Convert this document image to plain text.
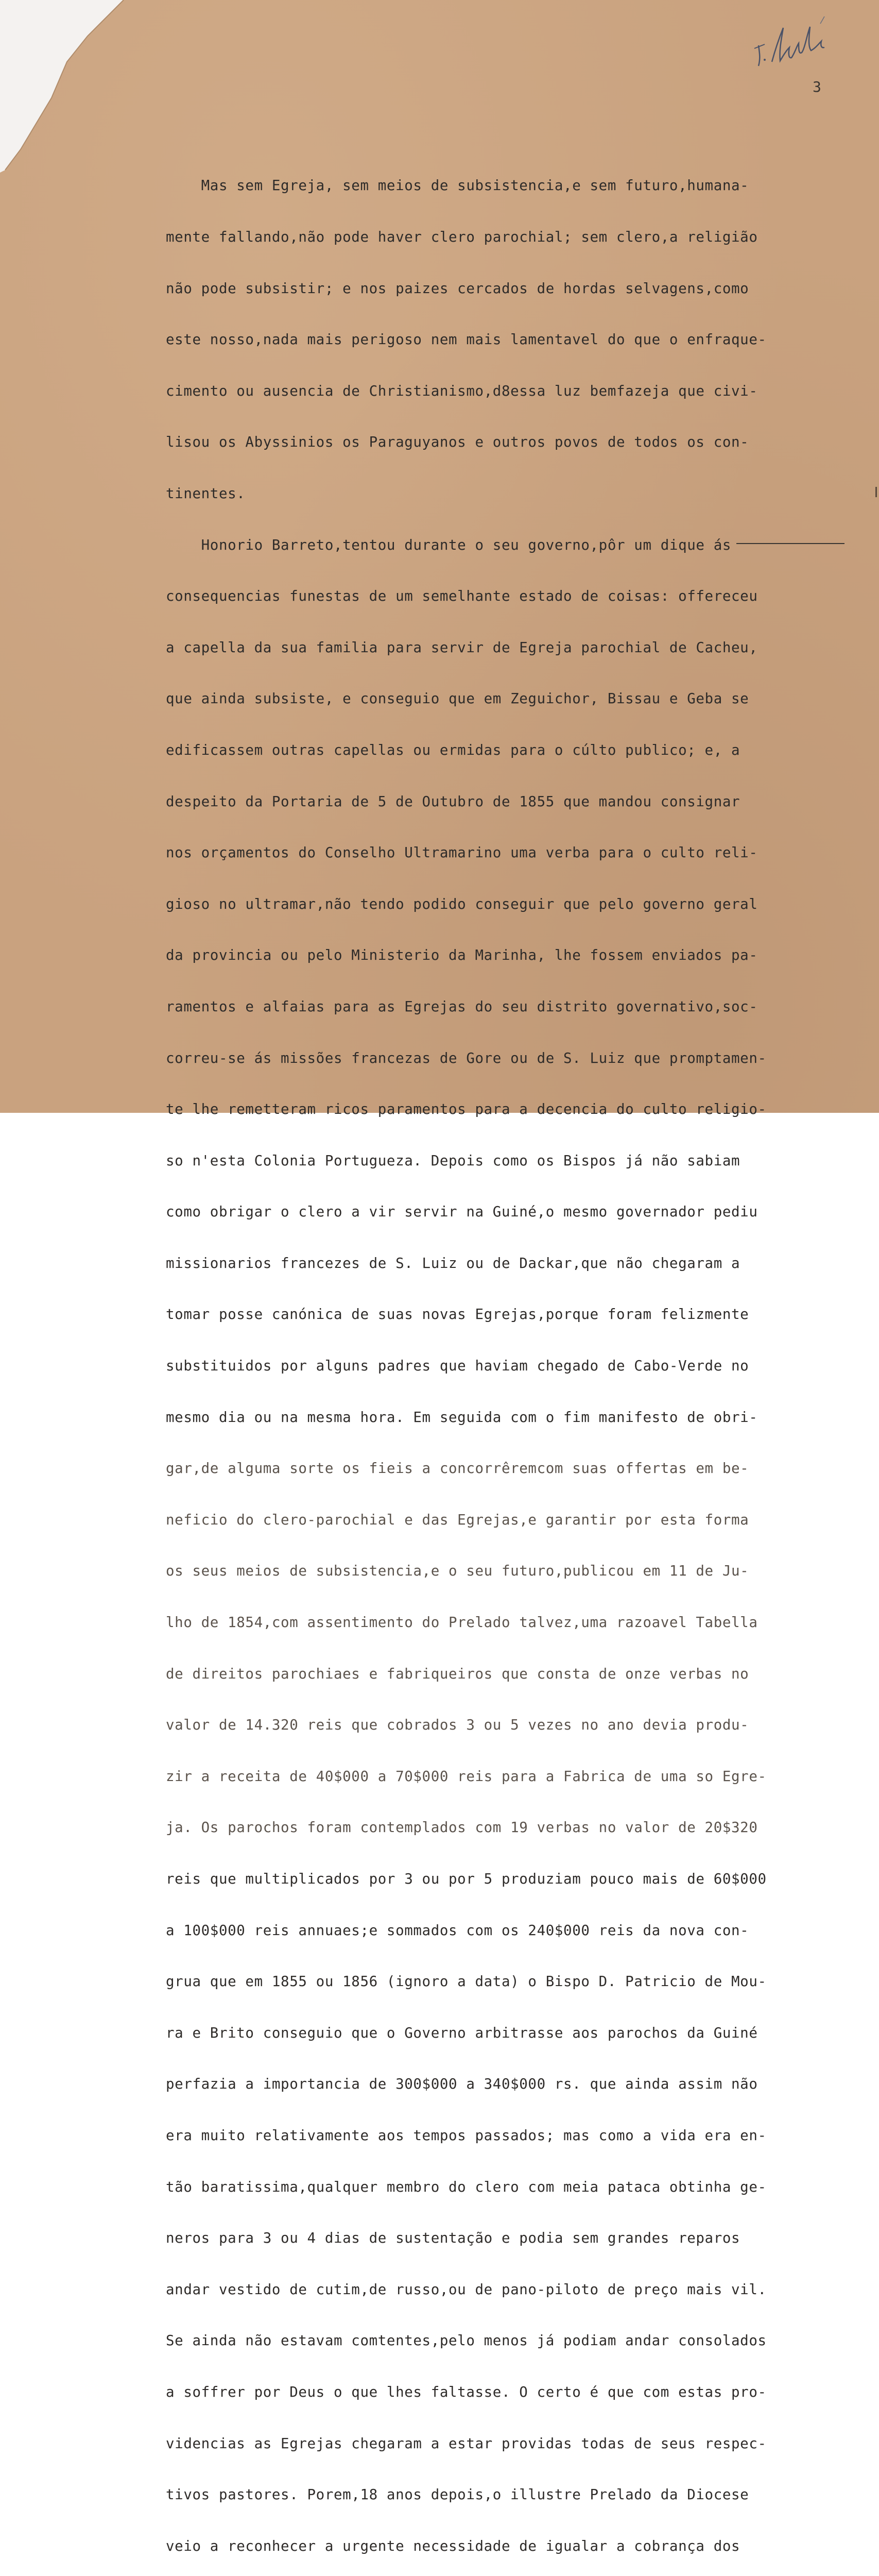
3

Mas sem Egreja, sem meios de subsistencia,e sem futuro,humana-

mente fallando,não pode haver clero parochial; sem clero,a religião

não pode subsistir; e nos paizes cercados de hordas selvagens,como

este nosso,nada mais perigoso nem mais lamentavel do que o enfraque-

cimento ou ausencia de Christianismo,d8essa luz bemfazeja que civi-

lisou os Abyssinios os Paraguyanos e outros povos de todos os con-

tinentes.

Honorio Barreto,tentou durante o seu governo,pôr um dique ás

consequencias funestas de um semelhante estado de coisas: offereceu

a capella da sua familia para servir de Egreja parochial de Cacheu,

que ainda subsiste, e conseguio que em Zeguichor, Bissau e Geba se

edificassem outras capellas ou ermidas para o cúlto publico; e, a

despeito da Portaria de 5 de Outubro de 1855 que mandou consignar

nos orçamentos do Conselho Ultramarino uma verba para o culto reli-

gioso no ultramar,não tendo podido conseguir que pelo governo geral

da provincia ou pelo Ministerio da Marinha, lhe fossem enviados pa-

ramentos e alfaias para as Egrejas do seu distrito governativo,soc-

correu-se ás missões francezas de Gore ou de S. Luiz que promptamen-

te lhe remetteram ricos paramentos para a decencia do culto religio-

so n'esta Colonia Portugueza. Depois como os Bispos já não sabiam

como obrigar o clero a vir servir na Guiné,o mesmo governador pediu

missionarios francezes de S. Luiz ou de Dackar,que não chegaram a

tomar posse canónica de suas novas Egrejas,porque foram felizmente

substituidos por alguns padres que haviam chegado de Cabo-Verde no

mesmo dia ou na mesma hora. Em seguida com o fim manifesto de obri-

gar,de alguma sorte os fieis a concorrêremcom suas offertas em be-

neficio do clero-parochial e das Egrejas,e garantir por esta forma

os seus meios de subsistencia,e o seu futuro,publicou em 11 de Ju-

lho de 1854,com assentimento do Prelado talvez,uma razoavel Tabella

de direitos parochiaes e fabriqueiros que consta de onze verbas no

valor de 14.320 reis que cobrados 3 ou 5 vezes no ano devia produ-

zir a receita de 40$000 a 70$000 reis para a Fabrica de uma so Egre-

ja. Os parochos foram contemplados com 19 verbas no valor de 20$320

reis que multiplicados por 3 ou por 5 produziam pouco mais de 60$000

a 100$000 reis annuaes;e sommados com os 240$000 reis da nova con-

grua que em 1855 ou 1856 (ignoro a data) o Bispo D. Patricio de Mou-

ra e Brito conseguio que o Governo arbitrasse aos parochos da Guiné

perfazia a importancia de 300$000 a 340$000 rs. que ainda assim não

era muito relativamente aos tempos passados; mas como a vida era en-

tão baratissima,qualquer membro do clero com meia pataca obtinha ge-

neros para 3 ou 4 dias de sustentação e podia sem grandes reparos

andar vestido de cutim,de russo,ou de pano-piloto de preço mais vil.

Se ainda não estavam comtentes,pelo menos já podiam andar consolados

a soffrer por Deus o que lhes faltasse. O certo é que com estas pro-

videncias as Egrejas chegaram a estar providas todas de seus respec-

tivos pastores. Porem,18 anos depois,o illustre Prelado da Diocese

veio a reconhecer a urgente necessidade de igualar a cobrança dos
